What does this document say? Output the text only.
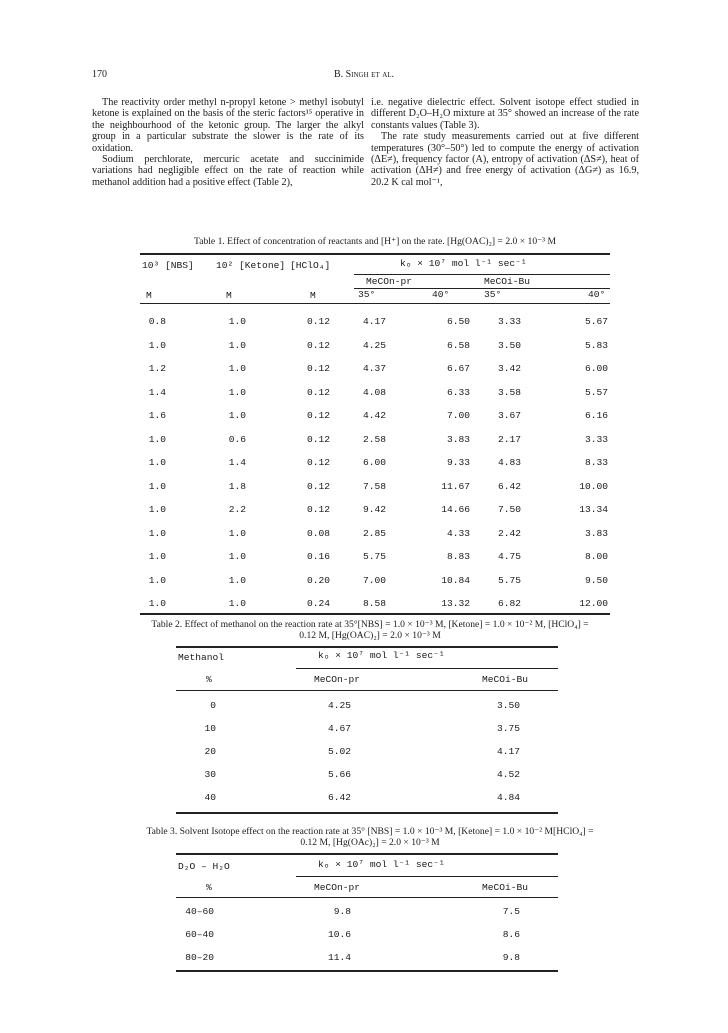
170	B. Singh et al.

The reactivity order methyl n-propyl ketone > methyl isobutyl ketone is explained on the basis of the steric factors¹⁵ operative in the neighbourhood of the ketonic group. The larger the alkyl group in a particular substrate the slower is the rate of its oxidation.

Sodium perchlorate, mercuric acetate and succinimide variations had negligible effect on the rate of reaction while methanol addition had a positive effect (Table 2),

i.e. negative dielectric effect. Solvent isotope effect studied in different D₂O–H₂O mixture at 35° showed an increase of the rate constants values (Table 3).

The rate study measurements carried out at five different temperatures (30°–50°) led to compute the energy of activation (ΔE≠), frequency factor (A), entropy of activation (ΔS≠), heat of activation (ΔH≠) and free energy of activation (ΔG≠) as 16.9, 20.2 K cal mol⁻¹,

Table 1. Effect of concentration of reactants and [H⁺] on the rate. [Hg(OAC)₂] = 2.0 × 10⁻³ M
10³ [NBS] 10² [Ketone] [HClO₄]	kₒ × 10⁷ mol l⁻¹ sec⁻¹
MeCOn-pr	MeCOi-Bu
M	M	M	35°	40°	35°	40°
0.8	1.0	0.12	4.17	6.50	3.33	5.67

1.0	1.0	0.12	4.25	6.58	3.50	5.83

1.2	1.0	0.12	4.37	6.67	3.42	6.00

1.4	1.0	0.12	4.08	6.33	3.58	5.57

1.6	1.0	0.12	4.42	7.00	3.67	6.16

1.0	0.6	0.12	2.58	3.83	2.17	3.33

1.0	1.4	0.12	6.00	9.33	4.83	8.33

1.0	1.8	0.12	7.58	11.67	6.42	10.00

1.0	2.2	0.12	9.42	14.66	7.50	13.34

1.0	1.0	0.08	2.85	4.33	2.42	3.83

1.0	1.0	0.16	5.75	8.83	4.75	8.00

1.0	1.0	0.20	7.00	10.84	5.75	9.50

1.0	1.0	0.24	8.58	13.32	6.82	12.00
Table 2. Effect of methanol on the reaction rate at 35°[NBS] = 1.0 × 10⁻³ M, [Ketone] = 1.0 × 10⁻² M, [HClO₄] =
0.12 M, [Hg(OAC)₂] = 2.0 × 10⁻³ M
Methanol	kₒ × 10⁷ mol l⁻¹ sec⁻¹
%	MeCOn-pr	MeCOi-Bu
0	4.25	3.50
10	4.67	3.75
20	5.02	4.17
30	5.66	4.52
40	6.42	4.84
Table 3. Solvent Isotope effect on the reaction rate at 35° [NBS] = 1.0 × 10⁻³ M, [Ketone] = 1.0 × 10⁻² M[HClO₄] =
0.12 M, [Hg(OAc)₂] = 2.0 × 10⁻³ M
D₂O – H₂O	kₒ × 10⁷ mol l⁻¹ sec⁻¹
%	MeCOn-pr	MeCOi-Bu
40–60	9.8	7.5
60–40	10.6	8.6
80–20	11.4	9.8
